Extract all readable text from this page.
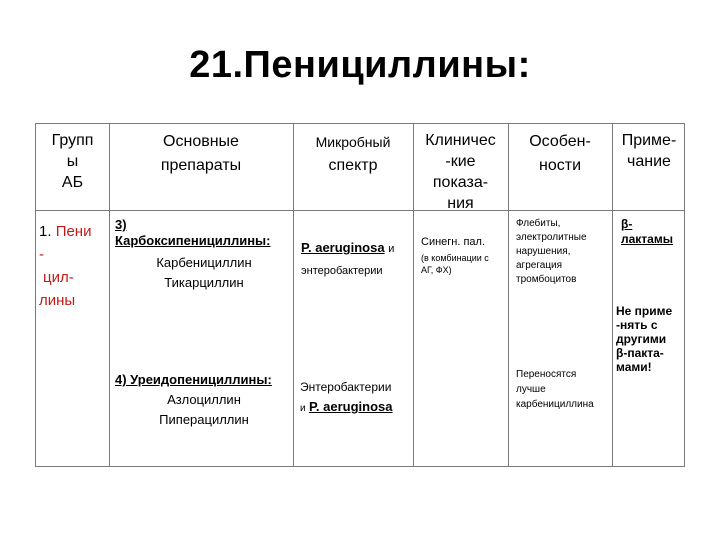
21.Пенициллины:
Групп
ы
АБ
Основные
препараты
Микробный
спектр
Клиничес
-кие
показа-
ния
Особен-
ности
Приме-
чание
1. Пени
-
цил-
лины
3)
Карбоксипенициллины:
Карбенициллин
Тикарциллин
P. aeruginosa и
энтеробактерии
Синегн. пал.
(в комбинации с
АГ, ФХ)
Флебиты,
электролитные
нарушения,
агрегация
тромбоцитов
β-
лактамы
Не приме
-нять с
другими
β-пакта-
мами!
4) Уреидопенициллины:
Азлоциллин
Пиперациллин
Энтеробактерии
и P. aeruginosa
Переносятся
лучше
карбенициллина
